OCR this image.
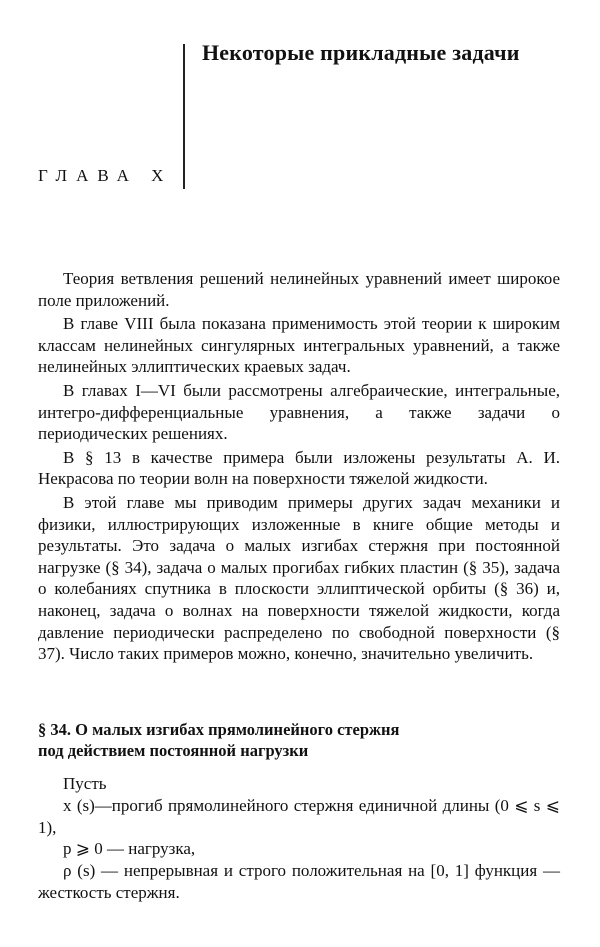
Некоторые прикладные задачи
ГЛАВА X

Теория ветвления решений нелинейных уравнений имеет широкое поле приложений.

В главе VIII была показана применимость этой теории к широким классам нелинейных сингулярных интегральных уравнений, а также нелинейных эллиптических краевых задач.

В главах I—VI были рассмотрены алгебраические, интегральные, интегро-дифференциальные уравнения, а также задачи о периодических решениях.

В § 13 в качестве примера были изложены результаты А. И. Некрасова по теории волн на поверхности тяжелой жидкости.

В этой главе мы приводим примеры других задач механики и физики, иллюстрирующих изложенные в книге общие методы и результаты. Это задача о малых изгибах стержня при постоянной нагрузке (§ 34), задача о малых прогибах гибких пластин (§ 35), задача о колебаниях спутника в плоскости эллиптической орбиты (§ 36) и, наконец, задача о волнах на поверхности тяжелой жидкости, когда давление периодически распределено по свободной поверхности (§ 37). Число таких примеров можно, конечно, значительно увеличить.

§ 34. О малых изгибах прямолинейного стержня
под действием постоянной нагрузки

Пусть

x (s)—прогиб прямолинейного стержня единичной длины (0 ⩽ s ⩽ 1),

p ⩾ 0 — нагрузка,

ρ (s) — непрерывная и строго положительная на [0, 1] функция —жесткость стержня.
